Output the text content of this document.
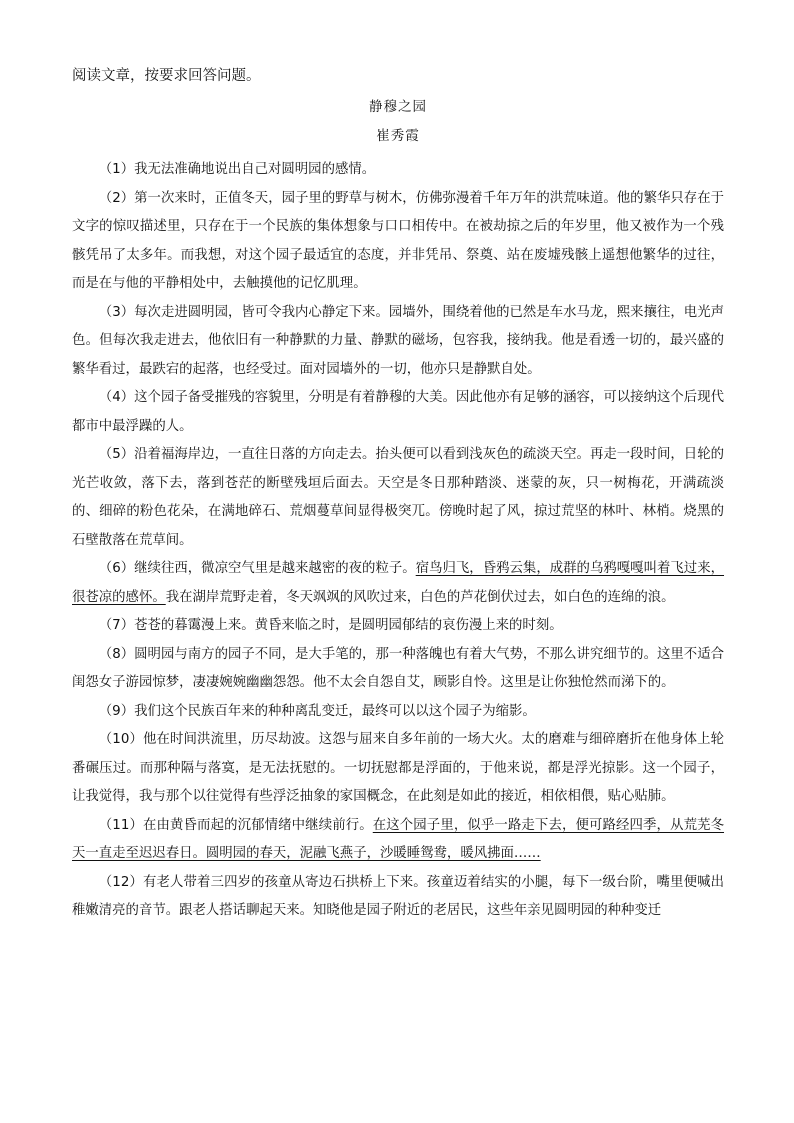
阅读文章，按要求回答问题。
静穆之园
崔秀霞

（1）我无法准确地说出自己对圆明园的感情。

（2）第一次来时，正值冬天，园子里的野草与树木，仿佛弥漫着千年万年的洪荒味道。他的繁华只存在于文字的惊叹描述里，只存在于一个民族的集体想象与口口相传中。在被劫掠之后的年岁里，他又被作为一个残骸凭吊了太多年。而我想，对这个园子最适宜的态度，并非凭吊、祭奠、站在废墟残骸上遥想他繁华的过往，而是在与他的平静相处中，去触摸他的记忆肌理。

（3）每次走进圆明园，皆可令我内心静定下来。园墙外，围绕着他的已然是车水马龙，熙来攘往，电光声色。但每次我走进去，他依旧有一种静默的力量、静默的磁场，包容我，接纳我。他是看透一切的，最兴盛的繁华看过，最跌宕的起落，也经受过。面对园墙外的一切，他亦只是静默自处。

（4）这个园子备受摧残的容貌里，分明是有着静穆的大美。因此他亦有足够的涵容，可以接纳这个后现代都市中最浮躁的人。

（5）沿着福海岸边，一直往日落的方向走去。抬头便可以看到浅灰色的疏淡天空。再走一段时间，日轮的光芒收敛，落下去，落到苍茫的断壁残垣后面去。天空是冬日那种踏淡、迷蒙的灰，只一树梅花，开满疏淡的、细碎的粉色花朵，在满地碎石、荒烟蔓草间显得极突兀。傍晚时起了风，掠过荒坚的林叶、林梢。烧黑的石壁散落在荒草间。

（6）继续往西，微凉空气里是越来越密的夜的粒子。宿鸟归飞，昏鸦云集，成群的乌鸦嘎嘎叫着飞过来，很苍凉的感怀。我在湖岸荒野走着，冬天飒飒的风吹过来，白色的芦花倒伏过去，如白色的连绵的浪。

（7）苍苍的暮霭漫上来。黄昏来临之时，是圆明园郁结的哀伤漫上来的时刻。

（8）圆明园与南方的园子不同，是大手笔的，那一种落魄也有着大气势，不那么讲究细节的。这里不适合闺怨女子游园惊梦，凄凄婉婉幽幽怨怨。他不太会自怨自艾，顾影自怜。这里是让你独怆然而涕下的。

（9）我们这个民族百年来的种种离乱变迁，最终可以以这个园子为缩影。

（10）他在时间洪流里，历尽劫波。这怨与屈来自多年前的一场大火。太的磨难与细碎磨折在他身体上轮番碾压过。而那种隔与落寞，是无法抚慰的。一切抚慰都是浮面的，于他来说，都是浮光掠影。这一个园子，让我觉得，我与那个以往觉得有些浮泛抽象的家国概念，在此刻是如此的接近，相依相偎，贴心贴肺。

（11）在由黄昏而起的沉郁情绪中继续前行。在这个园子里，似乎一路走下去，便可路经四季，从荒芜冬天一直走至迟迟春日。圆明园的春天，泥融飞燕子，沙暖睡鸳鸯，暖风拂面……

（12）有老人带着三四岁的孩童从寄边石拱桥上下来。孩童迈着结实的小腿，每下一级台阶，嘴里便喊出稚嫩清亮的音节。跟老人搭话聊起天来。知晓他是园子附近的老居民，这些年亲见圆明园的种种变迁
